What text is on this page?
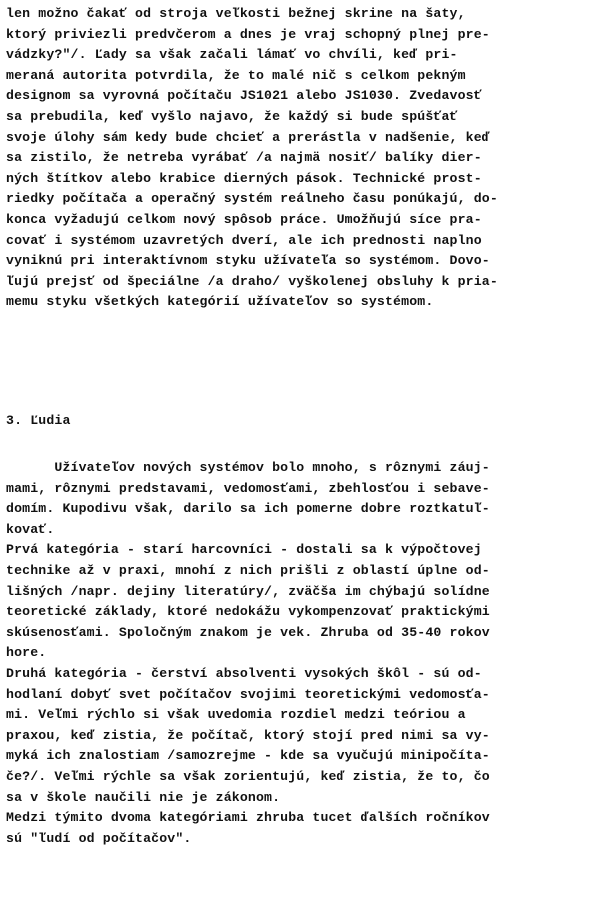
len možno čakať od stroja veľkosti bežnej skrine na šaty,
ktorý priviezli predvčerom a dnes je vraj schopný plnej pre-
vádzky?"/. Ľady sa však začali lámať vo chvíli, keď pri-
meraná autorita potvrdila, že to malé nič s celkom pekným
designom sa vyrovná počítaču JS1021 alebo JS1030. Zvedavosť
sa prebudila, keď vyšlo najavo, že každý si bude spúšťať
svoje úlohy sám kedy bude chcieť a prerástla v nadšenie, keď
sa zistilo, že netreba vyrábať /a najmä nosiť/ balíky dier-
ných štítkov alebo krabice dierných pások. Technické prost-
riedky počítača a operačný systém reálneho času ponúkajú, do-
konca vyžadujú celkom nový spôsob práce. Umožňujú síce pra-
covať i systémom uzavretých dverí, ale ich prednosti naplno
vyniknú pri interaktívnom styku užívateľa so systémom. Dovo-
ľujú prejsť od špeciálne /a draho/ vyškolenej obsluhy k pria-
memu styku všetkých kategórií užívateľov so systémom.
3. Ľudia
Užívateľov nových systémov bolo mnoho, s rôznymi záuj-
mami, rôznymi predstavami, vedomosťami, zbehlosťou i sebave-
domím. Kupodivu však, darilo sa ich pomerne dobre roztkatuľ-
kovať.
Prvá kategória - starí harcovníci - dostali sa k výpočtovej
technike až v praxi, mnohí z nich prišli z oblastí úplne od-
lišných /napr. dejiny literatúry/, zväčša im chýbajú solídne
teoretické základy, ktoré nedokážu vykompenzovať praktickými
skúsenosťami. Spoločným znakom je vek. Zhruba od 35-40 rokov
hore.
Druhá kategória - čerství absolventi vysokých škôl - sú od-
hodlaní dobyť svet počítačov svojimi teoretickými vedomosťa-
mi. Veľmi rýchlo si však uvedomia rozdiel medzi teóriou a
praxou, keď zistia, že počítač, ktorý stojí pred nimi sa vy-
myká ich znalostiam /samozrejme - kde sa vyučujú minipočíta-
če?/. Veľmi rýchle sa však zorientujú, keď zistia, že to, čo
sa v škole naučili nie je zákonom.
Medzi týmito dvoma kategóriami zhruba tucet ďalších ročníkov
sú "ľudí od počítačov".
